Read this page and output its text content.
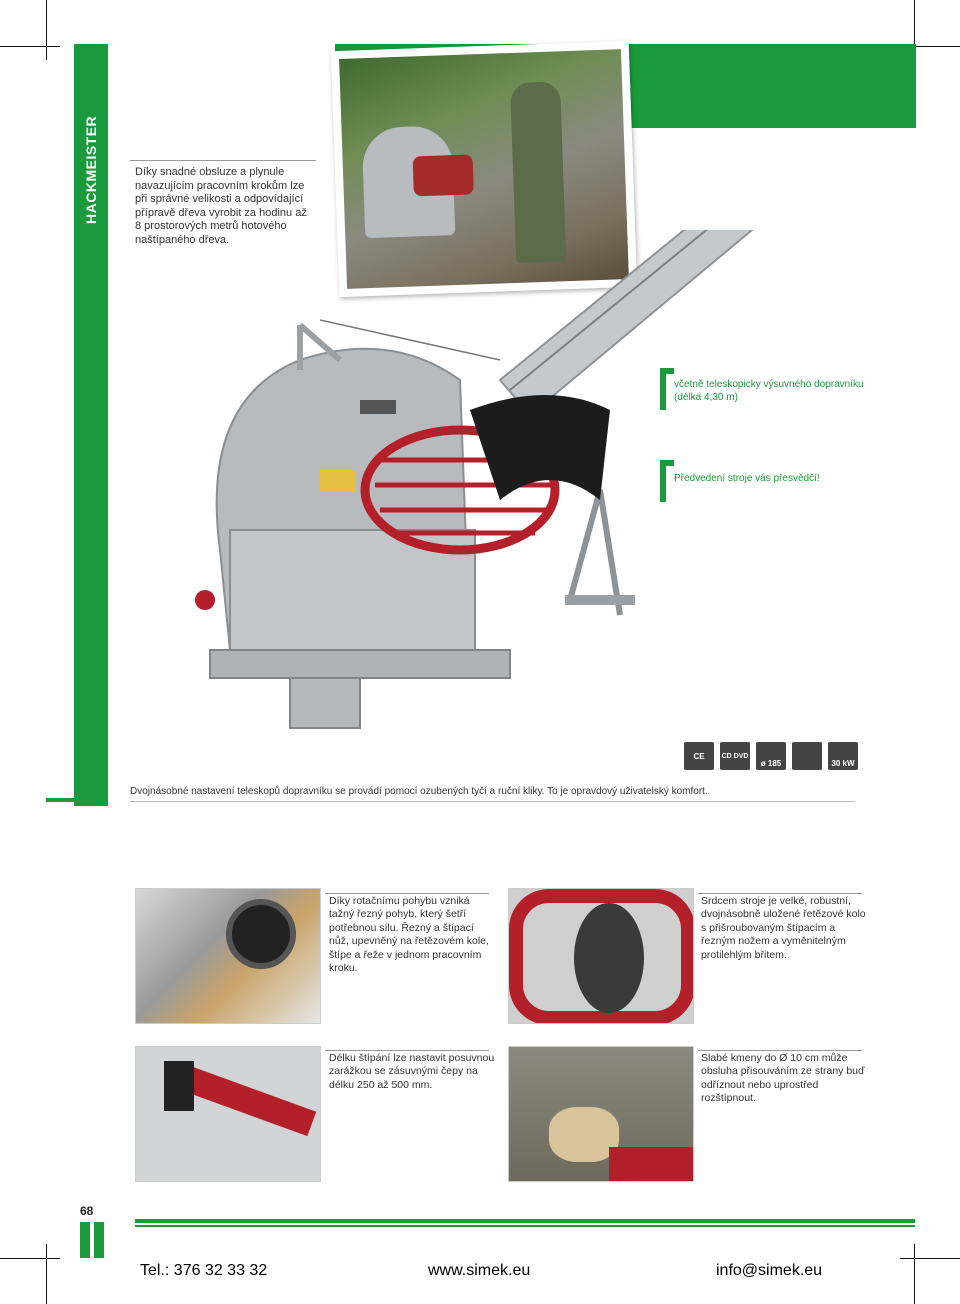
HACKMEISTER	Díky snadné obsluze a plynule navazujícím pracovním krokům lze při správné velikosti a odpovídající přípravě dřeva vyrobit za hodinu až 8 prostorových metrů hotového naštípaného dřeva.
včetně teleskopicky výsuvného dopravníku (délka 4,30 m)
Předvedení stroje vás přesvědčí!
CE	CD DVD
ø 185	30 kW
Dvojnásobné nastavení teleskopů dopravníku se provádí pomocí ozubených tyčí a ruční kliky. To je opravdový uživatelský komfort.
Díky rotačnímu pohybu vzniká tažný řezný pohyb, který šetří potřebnou sílu. Řezný a štípací nůž, upevněný na řetězovém kole, štípe a řeže v jednom pracovním kroku.
Srdcem stroje je velké, robustní, dvojnásobně uložené řetězové kolo s přišroubovaným štípacím a řezným nožem a vyměnitelným protilehlým břitem.
Délku štípání lze nastavit posuvnou zarážkou se zásuvnými čepy na délku 250 až 500 mm.
Slabé kmeny do Ø 10 cm může obsluha přisouváním ze strany buď odříznout nebo uprostřed rozštípnout.
68
Tel.: 376 32 33 32	www.simek.eu	info@simek.eu
